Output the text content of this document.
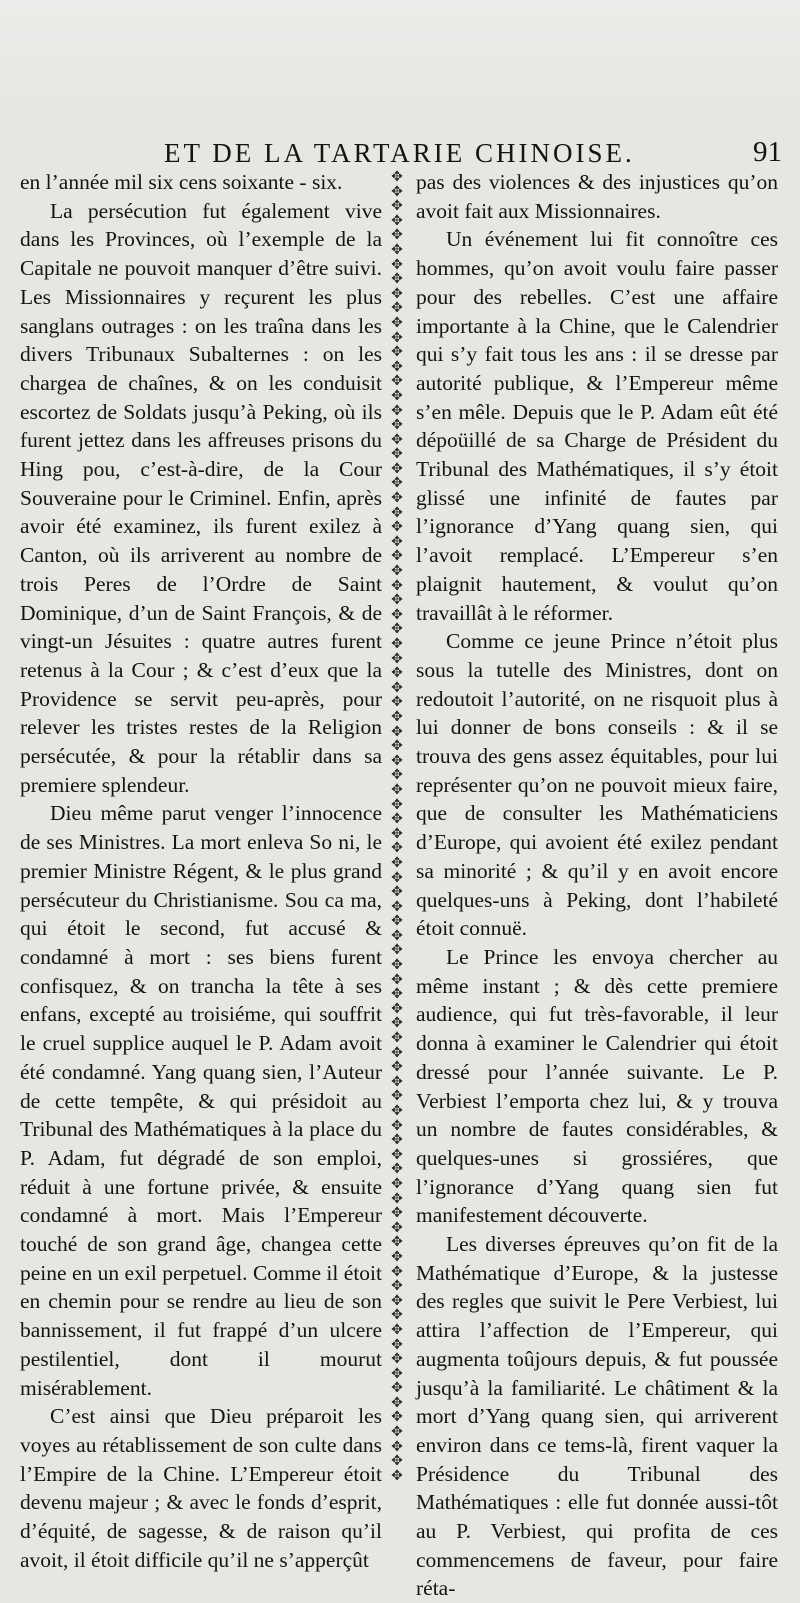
ET DE LA TARTARIE CHINOISE.	91

en l’année mil six cens soixante - six.

La persécution fut également vive dans les Provinces, où l’exemple de la Capitale ne pouvoit manquer d’être suivi. Les Missionnaires y reçurent les plus sanglans outrages : on les traîna dans les divers Tribunaux Subalternes : on les chargea de chaînes, & on les conduisit escortez de Soldats jusqu’à Peking, où ils furent jettez dans les affreuses prisons du Hing pou, c’est-à-dire, de la Cour Souveraine pour le Criminel. Enfin, après avoir été examinez, ils furent exilez à Canton, où ils arriverent au nombre de trois Peres de l’Ordre de Saint Dominique, d’un de Saint François, & de vingt-un Jésuites : quatre autres furent retenus à la Cour ; & c’est d’eux que la Providence se servit peu-après, pour relever les tristes restes de la Religion persécutée, & pour la rétablir dans sa premiere splendeur.

Dieu même parut venger l’innocence de ses Ministres. La mort enleva So ni, le premier Ministre Régent, & le plus grand persécuteur du Christianisme. Sou ca ma, qui étoit le second, fut accusé & condamné à mort : ses biens furent confisquez, & on trancha la tête à ses enfans, excepté au troisiéme, qui souffrit le cruel supplice auquel le P. Adam avoit été condamné. Yang quang sien, l’Auteur de cette tempête, & qui présidoit au Tribunal des Mathématiques à la place du P. Adam, fut dégradé de son emploi, réduit à une fortune privée, & ensuite condamné à mort. Mais l’Empereur touché de son grand âge, changea cette peine en un exil perpetuel. Comme il étoit en chemin pour se rendre au lieu de son bannissement, il fut frappé d’un ulcere pestilentiel, dont il mourut misérablement.

C’est ainsi que Dieu préparoit les voyes au rétablissement de son culte dans l’Empire de la Chine. L’Empereur étoit devenu majeur ; & avec le fonds d’esprit, d’équité, de sagesse, & de raison qu’il avoit, il étoit difficile qu’il ne s’apperçût

✥
✥
✥
✥
✥
✥
✥
✥
✥
✥
✥
✥
✥
✥
✥
✥
✥
✥
✥
✥
✥
✥
✥
✥
✥
✥
✥
✥
✥
✥
✥
✥
✥
✥
✥
✥
✥
✥
✥
✥
✥
✥
✥
✥
✥
✥
✥
✥
✥
✥
✥
✥
✥
✥
✥
✥
✥
✥
✥
✥
✥
✥
✥
✥
✥
✥
✥
✥
✥
✥
✥
✥
✥
✥
✥
✥
✥
✥
✥
✥
✥
✥
✥
✥
✥
✥
✥
✥
✥
✥

pas des violences & des injustices qu’on avoit fait aux Missionnaires.

Un événement lui fit connoître ces hommes, qu’on avoit voulu faire passer pour des rebelles. C’est une affaire importante à la Chine, que le Calendrier qui s’y fait tous les ans : il se dresse par autorité publique, & l’Empereur même s’en mêle. Depuis que le P. Adam eût été dépoüillé de sa Charge de Président du Tribunal des Mathématiques, il s’y étoit glissé une infinité de fautes par l’ignorance d’Yang quang sien, qui l’avoit remplacé. L’Empereur s’en plaignit hautement, & voulut qu’on travaillât à le réformer.

Comme ce jeune Prince n’étoit plus sous la tutelle des Ministres, dont on redoutoit l’autorité, on ne risquoit plus à lui donner de bons conseils : & il se trouva des gens assez équitables, pour lui représenter qu’on ne pouvoit mieux faire, que de consulter les Mathématiciens d’Europe, qui avoient été exilez pendant sa minorité ; & qu’il y en avoit encore quelques-uns à Peking, dont l’habileté étoit connuë.

Le Prince les envoya chercher au même instant ; & dès cette premiere audience, qui fut très-favorable, il leur donna à examiner le Calendrier qui étoit dressé pour l’année suivante. Le P. Verbiest l’emporta chez lui, & y trouva un nombre de fautes considérables, & quelques-unes si grossiéres, que l’ignorance d’Yang quang sien fut manifestement découverte.

Les diverses épreuves qu’on fit de la Mathématique d’Europe, & la justesse des regles que suivit le Pere Verbiest, lui attira l’affection de l’Empereur, qui augmenta toûjours depuis, & fut poussée jusqu’à la familiarité. Le châtiment & la mort d’Yang quang sien, qui arriverent environ dans ce tems-là, firent vaquer la Présidence du Tribunal des Mathématiques : elle fut donnée aussi-tôt au P. Verbiest, qui profita de ces commencemens de faveur, pour faire réta-
